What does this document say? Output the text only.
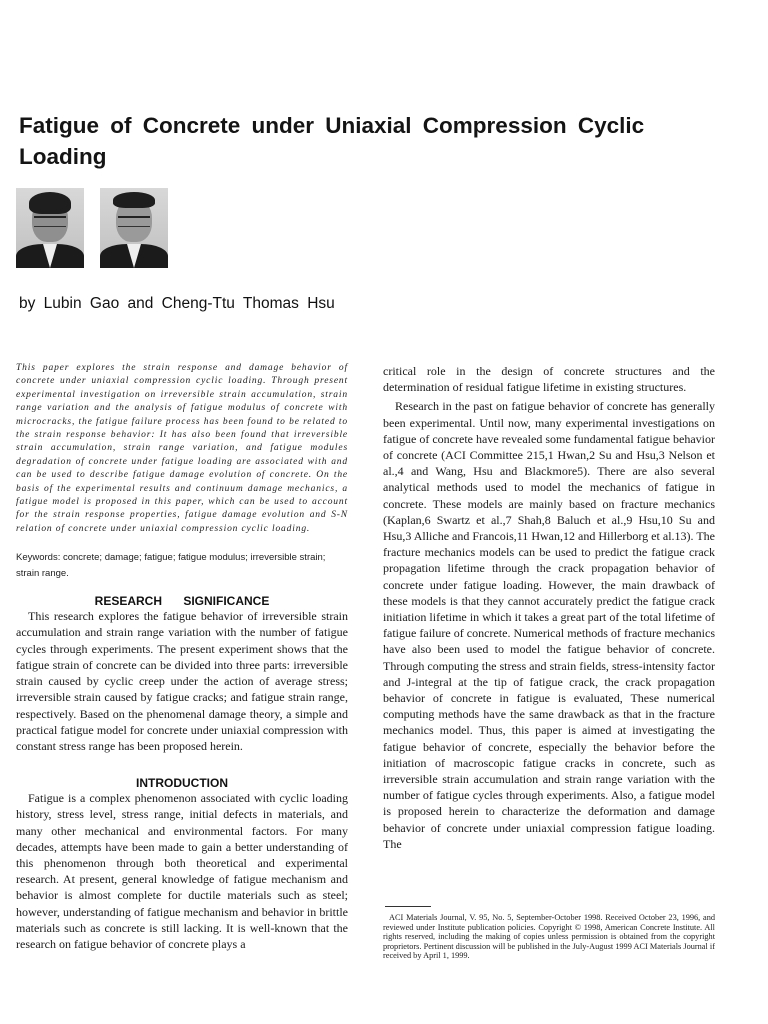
Fatigue of Concrete under Uniaxial Compression Cyclic Loading

by Lubin Gao and Cheng-Ttu Thomas Hsu

This paper explores the strain response and damage behavior of concrete under uniaxial compression cyclic loading. Through present experimental investigation on irreversible strain accumulation, strain range variation and the analysis of fatigue modulus of concrete with microcracks, the fatigue failure process has been found to be related to the strain response behavior: It has also been found that irreversible strain accumulation, strain range variation, and fatigue modules degradation of concrete under fatigue loading are associated with and can be used to describe fatigue damage evolution of concrete. On the basis of the experimental results and continuum damage mechanics, a fatigue model is proposed in this paper, which can be used to account for the strain response properties, fatigue damage evolution and S-N relation of concrete under uniaxial compression cyclic loading.

Keywords: concrete; damage; fatigue; fatigue modulus; irreversible strain; strain range.

RESEARCH SIGNIFICANCE

This research explores the fatigue behavior of irreversible strain accumulation and strain range variation with the number of fatigue cycles through experiments. The present experiment shows that the fatigue strain of concrete can be divided into three parts: irreversible strain caused by cyclic creep under the action of average stress; irreversible strain caused by fatigue cracks; and fatigue strain range, respectively. Based on the phenomenal damage theory, a simple and practical fatigue model for concrete under uniaxial compression with constant stress range has been proposed herein.

INTRODUCTION

Fatigue is a complex phenomenon associated with cyclic loading history, stress level, stress range, initial defects in materials, and many other mechanical and environmental factors. For many decades, attempts have been made to gain a better understanding of this phenomenon through both theoretical and experimental research. At present, general knowledge of fatigue mechanism and behavior is almost complete for ductile materials such as steel; however, understanding of fatigue mechanism and behavior in brittle materials such as concrete is still lacking. It is well-known that the research on fatigue behavior of concrete plays a

critical role in the design of concrete structures and the determination of residual fatigue lifetime in existing structures.

Research in the past on fatigue behavior of concrete has generally been experimental. Until now, many experimental investigations on fatigue of concrete have revealed some fundamental fatigue behavior of concrete (ACI Committee 215,1 Hwan,2 Su and Hsu,3 Nelson et al.,4 and Wang, Hsu and Blackmore5). There are also several analytical methods used to model the mechanics of fatigue in concrete. These models are mainly based on fracture mechanics (Kaplan,6 Swartz et al.,7 Shah,8 Baluch et al.,9 Hsu,10 Su and Hsu,3 Alliche and Francois,11 Hwan,12 and Hillerborg et al.13). The fracture mechanics models can be used to predict the fatigue crack propagation lifetime through the crack propagation behavior of concrete under fatigue loading. However, the main drawback of these models is that they cannot accurately predict the fatigue crack initiation lifetime in which it takes a great part of the total lifetime of fatigue failure of concrete. Numerical methods of fracture mechanics have also been used to model the fatigue behavior of concrete. Through computing the stress and strain fields, stress-intensity factor and J-integral at the tip of fatigue crack, the crack propagation behavior of concrete in fatigue is evaluated, These numerical computing methods have the same drawback as that in the fracture mechanics model. Thus, this paper is aimed at investigating the fatigue behavior of concrete, especially the behavior before the initiation of macroscopic fatigue cracks in concrete, such as irreversible strain accumulation and strain range variation with the number of fatigue cycles through experiments. Also, a fatigue model is proposed herein to characterize the deformation and damage behavior of concrete under uniaxial compression fatigue loading. The

ACI Materials Journal, V. 95, No. 5, September-October 1998. Received October 23, 1996, and reviewed under Institute publication policies. Copyright © 1998, American Concrete Institute. All rights reserved, including the making of copies unless permission is obtained from the copyright proprietors. Pertinent discussion will be published in the July-August 1999 ACI Materials Journal if received by April 1, 1999.
